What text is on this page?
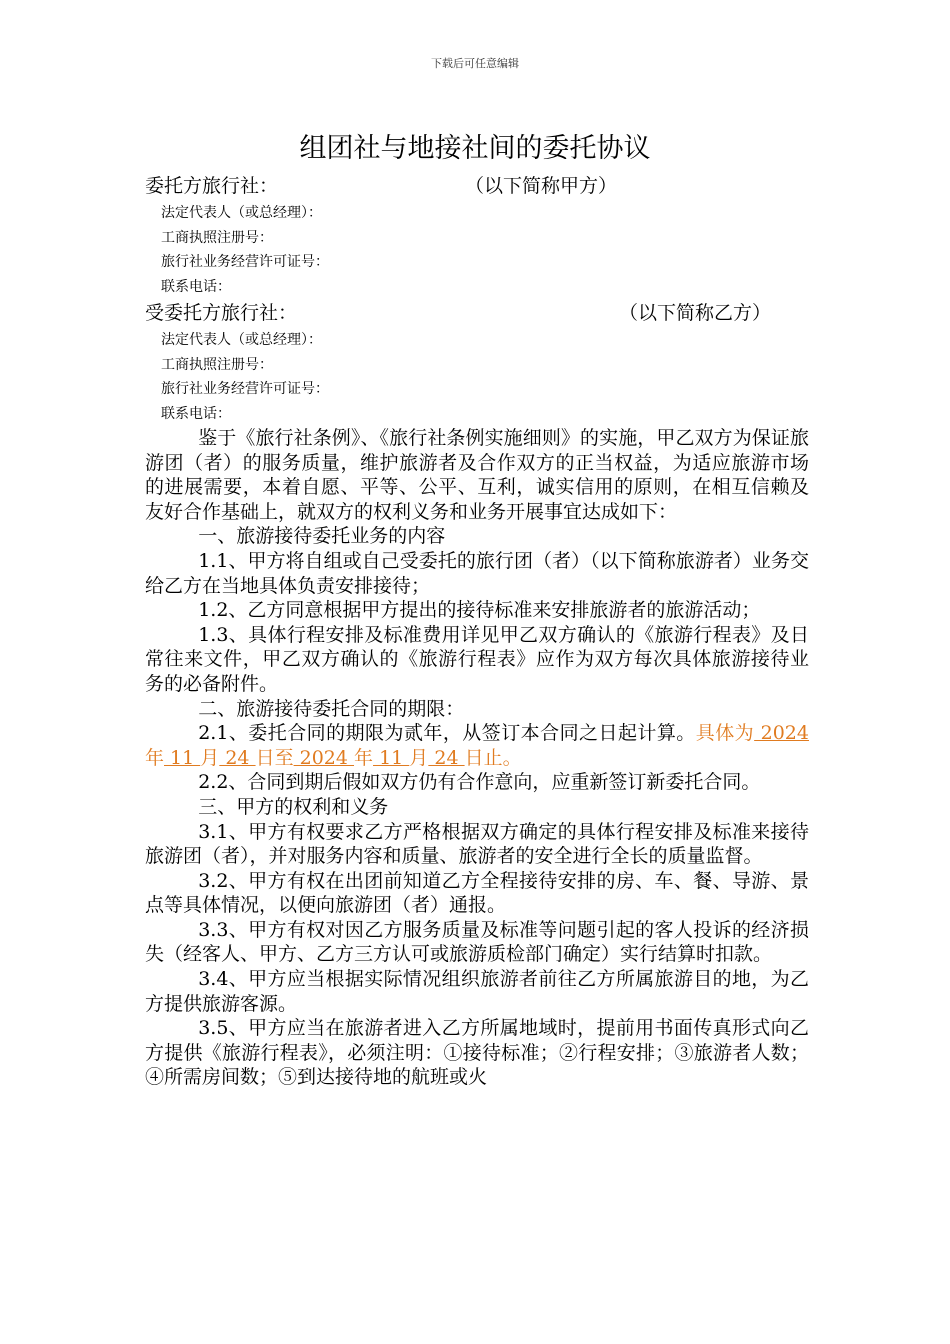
下载后可任意编辑
组团社与地接社间的委托协议
委托方旅行社：	（以下简称甲方）
法定代表人（或总经理）：
工商执照注册号：
旅行社业务经营许可证号：
联系电话：
受委托方旅行社：	（以下简称乙方）
法定代表人（或总经理）：
工商执照注册号：
旅行社业务经营许可证号：
联系电话：

鉴于《旅行社条例》、《旅行社条例实施细则》的实施，甲乙双方为保证旅游团（者）的服务质量，维护旅游者及合作双方的正当权益，为适应旅游市场的进展需要，本着自愿、平等、公平、互利，诚实信用的原则，在相互信赖及友好合作基础上，就双方的权利义务和业务开展事宜达成如下：

一、旅游接待委托业务的内容

1.1、甲方将自组或自己受委托的旅行团（者）（以下简称旅游者）业务交给乙方在当地具体负责安排接待；

1.2、乙方同意根据甲方提出的接待标准来安排旅游者的旅游活动；

1.3、具体行程安排及标准费用详见甲乙双方确认的《旅游行程表》及日常往来文件，甲乙双方确认的《旅游行程表》应作为双方每次具体旅游接待业务的必备附件。

二、旅游接待委托合同的期限：

2.1、委托合同的期限为贰年，从签订本合同之日起计算。具体为 2024 年 11 月 24 日至 2024 年 11 月 24 日止。

2.2、合同到期后假如双方仍有合作意向，应重新签订新委托合同。

三、甲方的权利和义务

3.1、甲方有权要求乙方严格根据双方确定的具体行程安排及标准来接待旅游团（者），并对服务内容和质量、旅游者的安全进行全长的质量监督。

3.2、甲方有权在出团前知道乙方全程接待安排的房、车、餐、导游、景点等具体情况，以便向旅游团（者）通报。

3.3、甲方有权对因乙方服务质量及标准等问题引起的客人投诉的经济损失（经客人、甲方、乙方三方认可或旅游质检部门确定）实行结算时扣款。

3.4、甲方应当根据实际情况组织旅游者前往乙方所属旅游目的地，为乙方提供旅游客源。

3.5、甲方应当在旅游者进入乙方所属地域时，提前用书面传真形式向乙方提供《旅游行程表》，必须注明：①接待标准；②行程安排；③旅游者人数；④所需房间数；⑤到达接待地的航班或火
